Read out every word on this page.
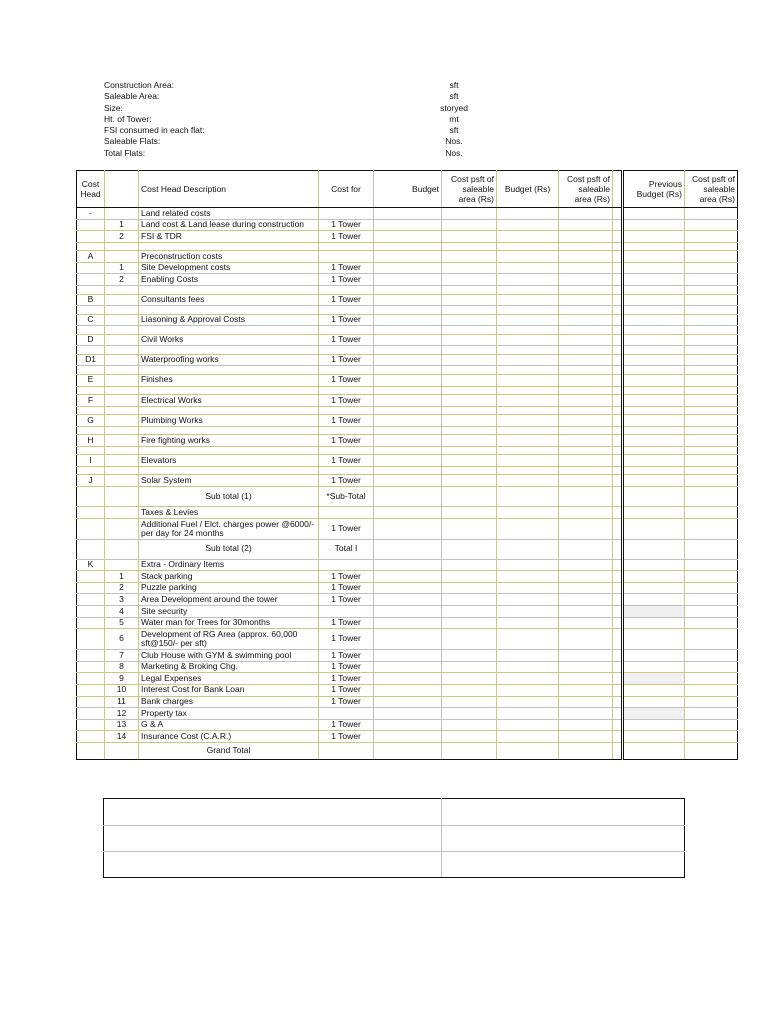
Construction Area:	sft
Saleable Area:	sft
Size:	storyed
Ht. of Tower:	mt
FSI consumed in each flat:	sft
Saleable Flats:	Nos.
Total Flats:	Nos.
Cost Head		Cost Head Description	Cost for	Budget	Cost psft of saleable area (Rs)	Budget (Rs)	Cost psft of saleable area (Rs)		Previous Budget (Rs)	Cost psft of saleable area (Rs)
-		Land related costs								
	1	Land cost & Land lease during construction	1 Tower							
	2	FSI & TDR	1 Tower							

A		Preconstruction costs								
	1	Site Development costs	1 Tower							
	2	Enabling Costs	1 Tower							

B		Consultants fees	1 Tower							

C		Liasoning & Approval Costs	1 Tower							

D		Civil Works	1 Tower							

D1		Waterproofing works	1 Tower							

E		Finishes	1 Tower							

F		Electrical Works	1 Tower							

G		Plumbing Works	1 Tower							

H		Fire fighting works	1 Tower							

I		Elevators	1 Tower							

J		Solar System	1 Tower							
		Sub total (1)	*Sub-Total							
		Taxes & Levies								
		Additional Fuel / Elct. charges power @6000/- per day for 24 months	1 Tower							
		Sub total (2)	Total I							
K		Extra - Ordinary Items								
	1	Stack parking	1 Tower							
	2	Puzzle parking	1 Tower							
	3	Area Development around the tower	1 Tower							
	4	Site security								
	5	Water man for Trees for 30months	1 Tower							
	6	Development of RG Area (approx. 60,000 sft@150/- per sft)	1 Tower							
	7	Club House with GYM & swimming pool	1 Tower							
	8	Marketing & Broking Chg.	1 Tower							
	9	Legal Expenses	1 Tower							
	10	Interest Cost for Bank Loan	1 Tower							
	11	Bank charges	1 Tower							
	12	Property tax								
	13	G & A	1 Tower							
	14	Insurance Cost (C.A.R.)	1 Tower							
		Grand Total								
